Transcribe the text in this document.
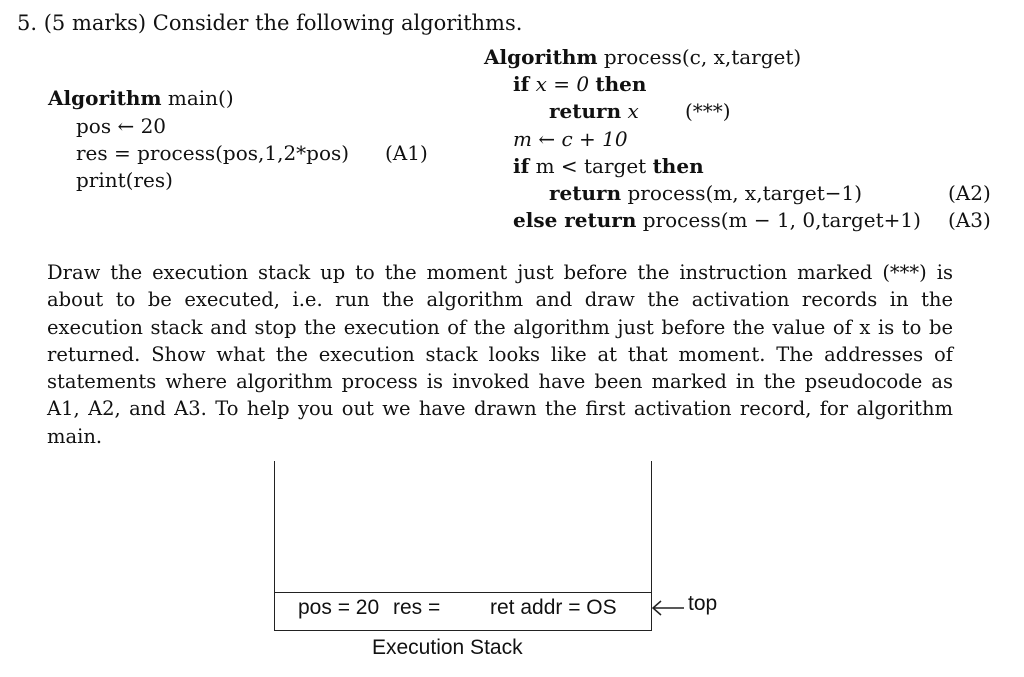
5. (5 marks) Consider the following algorithms.
Algorithm main()
pos ← 20
res = process(pos,1,2*pos) (A1)
print(res)
Algorithm process(c, x,target)
if x = 0 then
return x (***)
m ← c + 10
if m < target then
return process(m, x,target−1)	(A2)
else return process(m − 1, 0,target+1) (A3)
Draw the execution stack up to the moment just before the instruction marked (***) is about to be executed, i.e. run the algorithm and draw the activation records in the execution stack and stop the execution of the algorithm just before the value of x is to be returned. Show what the execution stack looks like at that moment. The addresses of statements where algorithm process is invoked have been marked in the pseudocode as A1, A2, and A3. To help you out we have drawn the first activation record, for algorithm main.
pos = 20 res = ret addr = OS	top
Execution Stack
